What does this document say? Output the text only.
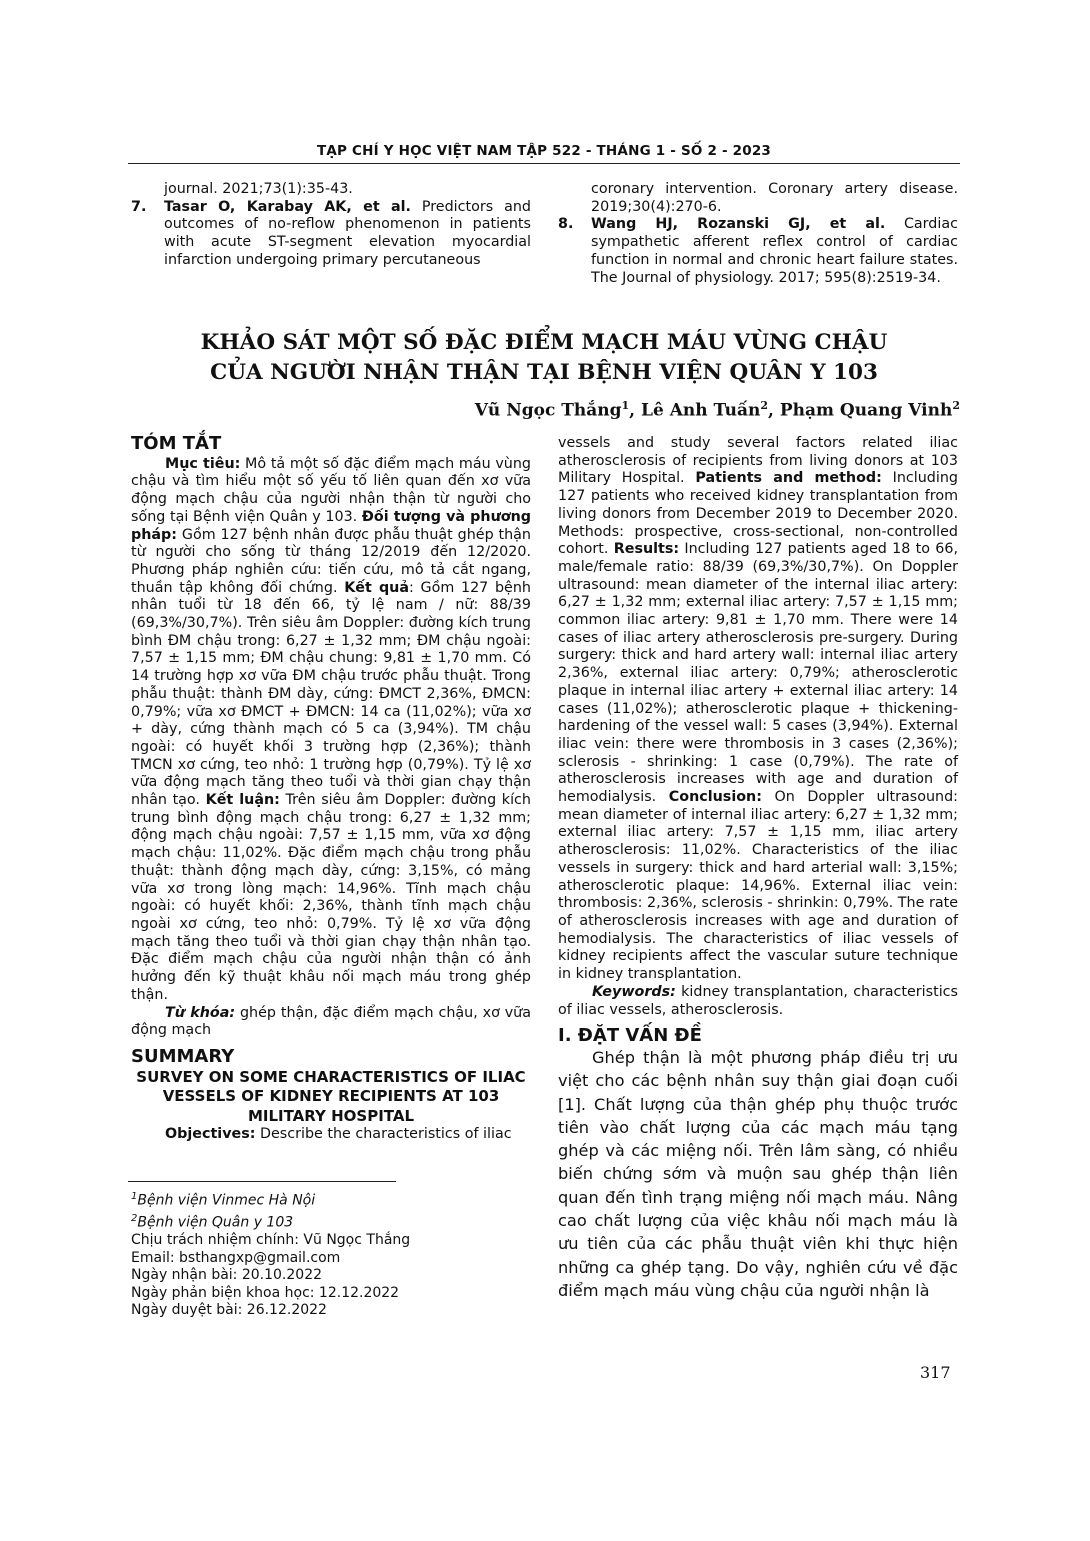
TẠP CHÍ Y HỌC VIỆT NAM TẬP 522 - THÁNG 1 - SỐ 2 - 2023

journal. 2021;73(1):35-43.

7. Tasar O, Karabay AK, et al. Predictors and outcomes of no-reflow phenomenon in patients with acute ST-segment elevation myocardial infarction undergoing primary percutaneous

coronary intervention. Coronary artery disease. 2019;30(4):270-6.

8. Wang HJ, Rozanski GJ, et al. Cardiac sympathetic afferent reflex control of cardiac function in normal and chronic heart failure states. The Journal of physiology. 2017; 595(8):2519-34.
KHẢO SÁT MỘT SỐ ĐẶC ĐIỂM MẠCH MÁU VÙNG CHẬU
CỦA NGƯỜI NHẬN THẬN TẠI BỆNH VIỆN QUÂN Y 103
Vũ Ngọc Thắng$^1$, Lê Anh Tuấn$^2$, Phạm Quang Vinh$^2$
TÓM TẮT

Mục tiêu: Mô tả một số đặc điểm mạch máu vùng chậu và tìm hiểu một số yếu tố liên quan đến xơ vữa động mạch chậu của người nhận thận từ người cho sống tại Bệnh viện Quân y 103. Đối tượng và phương pháp: Gồm 127 bệnh nhân được phẫu thuật ghép thận từ người cho sống từ tháng 12/2019 đến 12/2020. Phương pháp nghiên cứu: tiến cứu, mô tả cắt ngang, thuần tập không đối chứng. Kết quả: Gồm 127 bệnh nhân tuổi từ 18 đến 66, tỷ lệ nam / nữ: 88/39 (69,3%/30,7%). Trên siêu âm Doppler: đường kích trung bình ĐM chậu trong: 6,27 ± 1,32 mm; ĐM chậu ngoài: 7,57 ± 1,15 mm; ĐM chậu chung: 9,81 ± 1,70 mm. Có 14 trường hợp xơ vữa ĐM chậu trước phẫu thuật. Trong phẫu thuật: thành ĐM dày, cứng: ĐMCT 2,36%, ĐMCN: 0,79%; vữa xơ ĐMCT + ĐMCN: 14 ca (11,02%); vữa xơ + dày, cứng thành mạch có 5 ca (3,94%). TM chậu ngoài: có huyết khối 3 trường hợp (2,36%); thành TMCN xơ cứng, teo nhỏ: 1 trường hợp (0,79%). Tỷ lệ xơ vữa động mạch tăng theo tuổi và thời gian chạy thận nhân tạo. Kết luận: Trên siêu âm Doppler: đường kích trung bình động mạch chậu trong: 6,27 ± 1,32 mm; động mạch chậu ngoài: 7,57 ± 1,15 mm, vữa xơ động mạch chậu: 11,02%. Đặc điểm mạch chậu trong phẫu thuật: thành động mạch dày, cứng: 3,15%, có mảng vữa xơ trong lòng mạch: 14,96%. Tĩnh mạch chậu ngoài: có huyết khối: 2,36%, thành tĩnh mạch chậu ngoài xơ cứng, teo nhỏ: 0,79%. Tỷ lệ xơ vữa động mạch tăng theo tuổi và thời gian chạy thận nhân tạo. Đặc điểm mạch chậu của người nhận thận có ảnh hưởng đến kỹ thuật khâu nối mạch máu trong ghép thận.

Từ khóa: ghép thận, đặc điểm mạch chậu, xơ vữa động mạch

SUMMARY
SURVEY ON SOME CHARACTERISTICS OF ILIAC VESSELS OF KIDNEY RECIPIENTS AT 103 MILITARY HOSPITAL

Objectives: Describe the characteristics of iliac

$^1$Bệnh viện Vinmec Hà Nội
$^2$Bệnh viện Quân y 103
Chịu trách nhiệm chính: Vũ Ngọc Thắng
Email: bsthangxp@gmail.com
Ngày nhận bài: 20.10.2022
Ngày phản biện khoa học: 12.12.2022
Ngày duyệt bài: 26.12.2022

vessels and study several factors related iliac atherosclerosis of recipients from living donors at 103 Military Hospital. Patients and method: Including 127 patients who received kidney transplantation from living donors from December 2019 to December 2020. Methods: prospective, cross-sectional, non-controlled cohort. Results: Including 127 patients aged 18 to 66, male/female ratio: 88/39 (69,3%/30,7%). On Doppler ultrasound: mean diameter of the internal iliac artery: 6,27 ± 1,32 mm; external iliac artery: 7,57 ± 1,15 mm; common iliac artery: 9,81 ± 1,70 mm. There were 14 cases of iliac artery atherosclerosis pre-surgery. During surgery: thick and hard artery wall: internal iliac artery 2,36%, external iliac artery: 0,79%; atherosclerotic plaque in internal iliac artery + external iliac artery: 14 cases (11,02%); atherosclerotic plaque + thickening-hardening of the vessel wall: 5 cases (3,94%). External iliac vein: there were thrombosis in 3 cases (2,36%); sclerosis - shrinking: 1 case (0,79%). The rate of atherosclerosis increases with age and duration of hemodialysis. Conclusion: On Doppler ultrasound: mean diameter of internal iliac artery: 6,27 ± 1,32 mm; external iliac artery: 7,57 ± 1,15 mm, iliac artery atherosclerosis: 11,02%. Characteristics of the iliac vessels in surgery: thick and hard arterial wall: 3,15%; atherosclerotic plaque: 14,96%. External iliac vein: thrombosis: 2,36%, sclerosis - shrinkin: 0,79%. The rate of atherosclerosis increases with age and duration of hemodialysis. The characteristics of iliac vessels of kidney recipients affect the vascular suture technique in kidney transplantation.

Keywords: kidney transplantation, characteristics of iliac vessels, atherosclerosis.

I. ĐẶT VẤN ĐỀ

Ghép thận là một phương pháp điều trị ưu việt cho các bệnh nhân suy thận giai đoạn cuối [1]. Chất lượng của thận ghép phụ thuộc trước tiên vào chất lượng của các mạch máu tạng ghép và các miệng nối. Trên lâm sàng, có nhiều biến chứng sớm và muộn sau ghép thận liên quan đến tình trạng miệng nối mạch máu. Nâng cao chất lượng của việc khâu nối mạch máu là ưu tiên của các phẫu thuật viên khi thực hiện những ca ghép tạng. Do vậy, nghiên cứu về đặc điểm mạch máu vùng chậu của người nhận là

317
